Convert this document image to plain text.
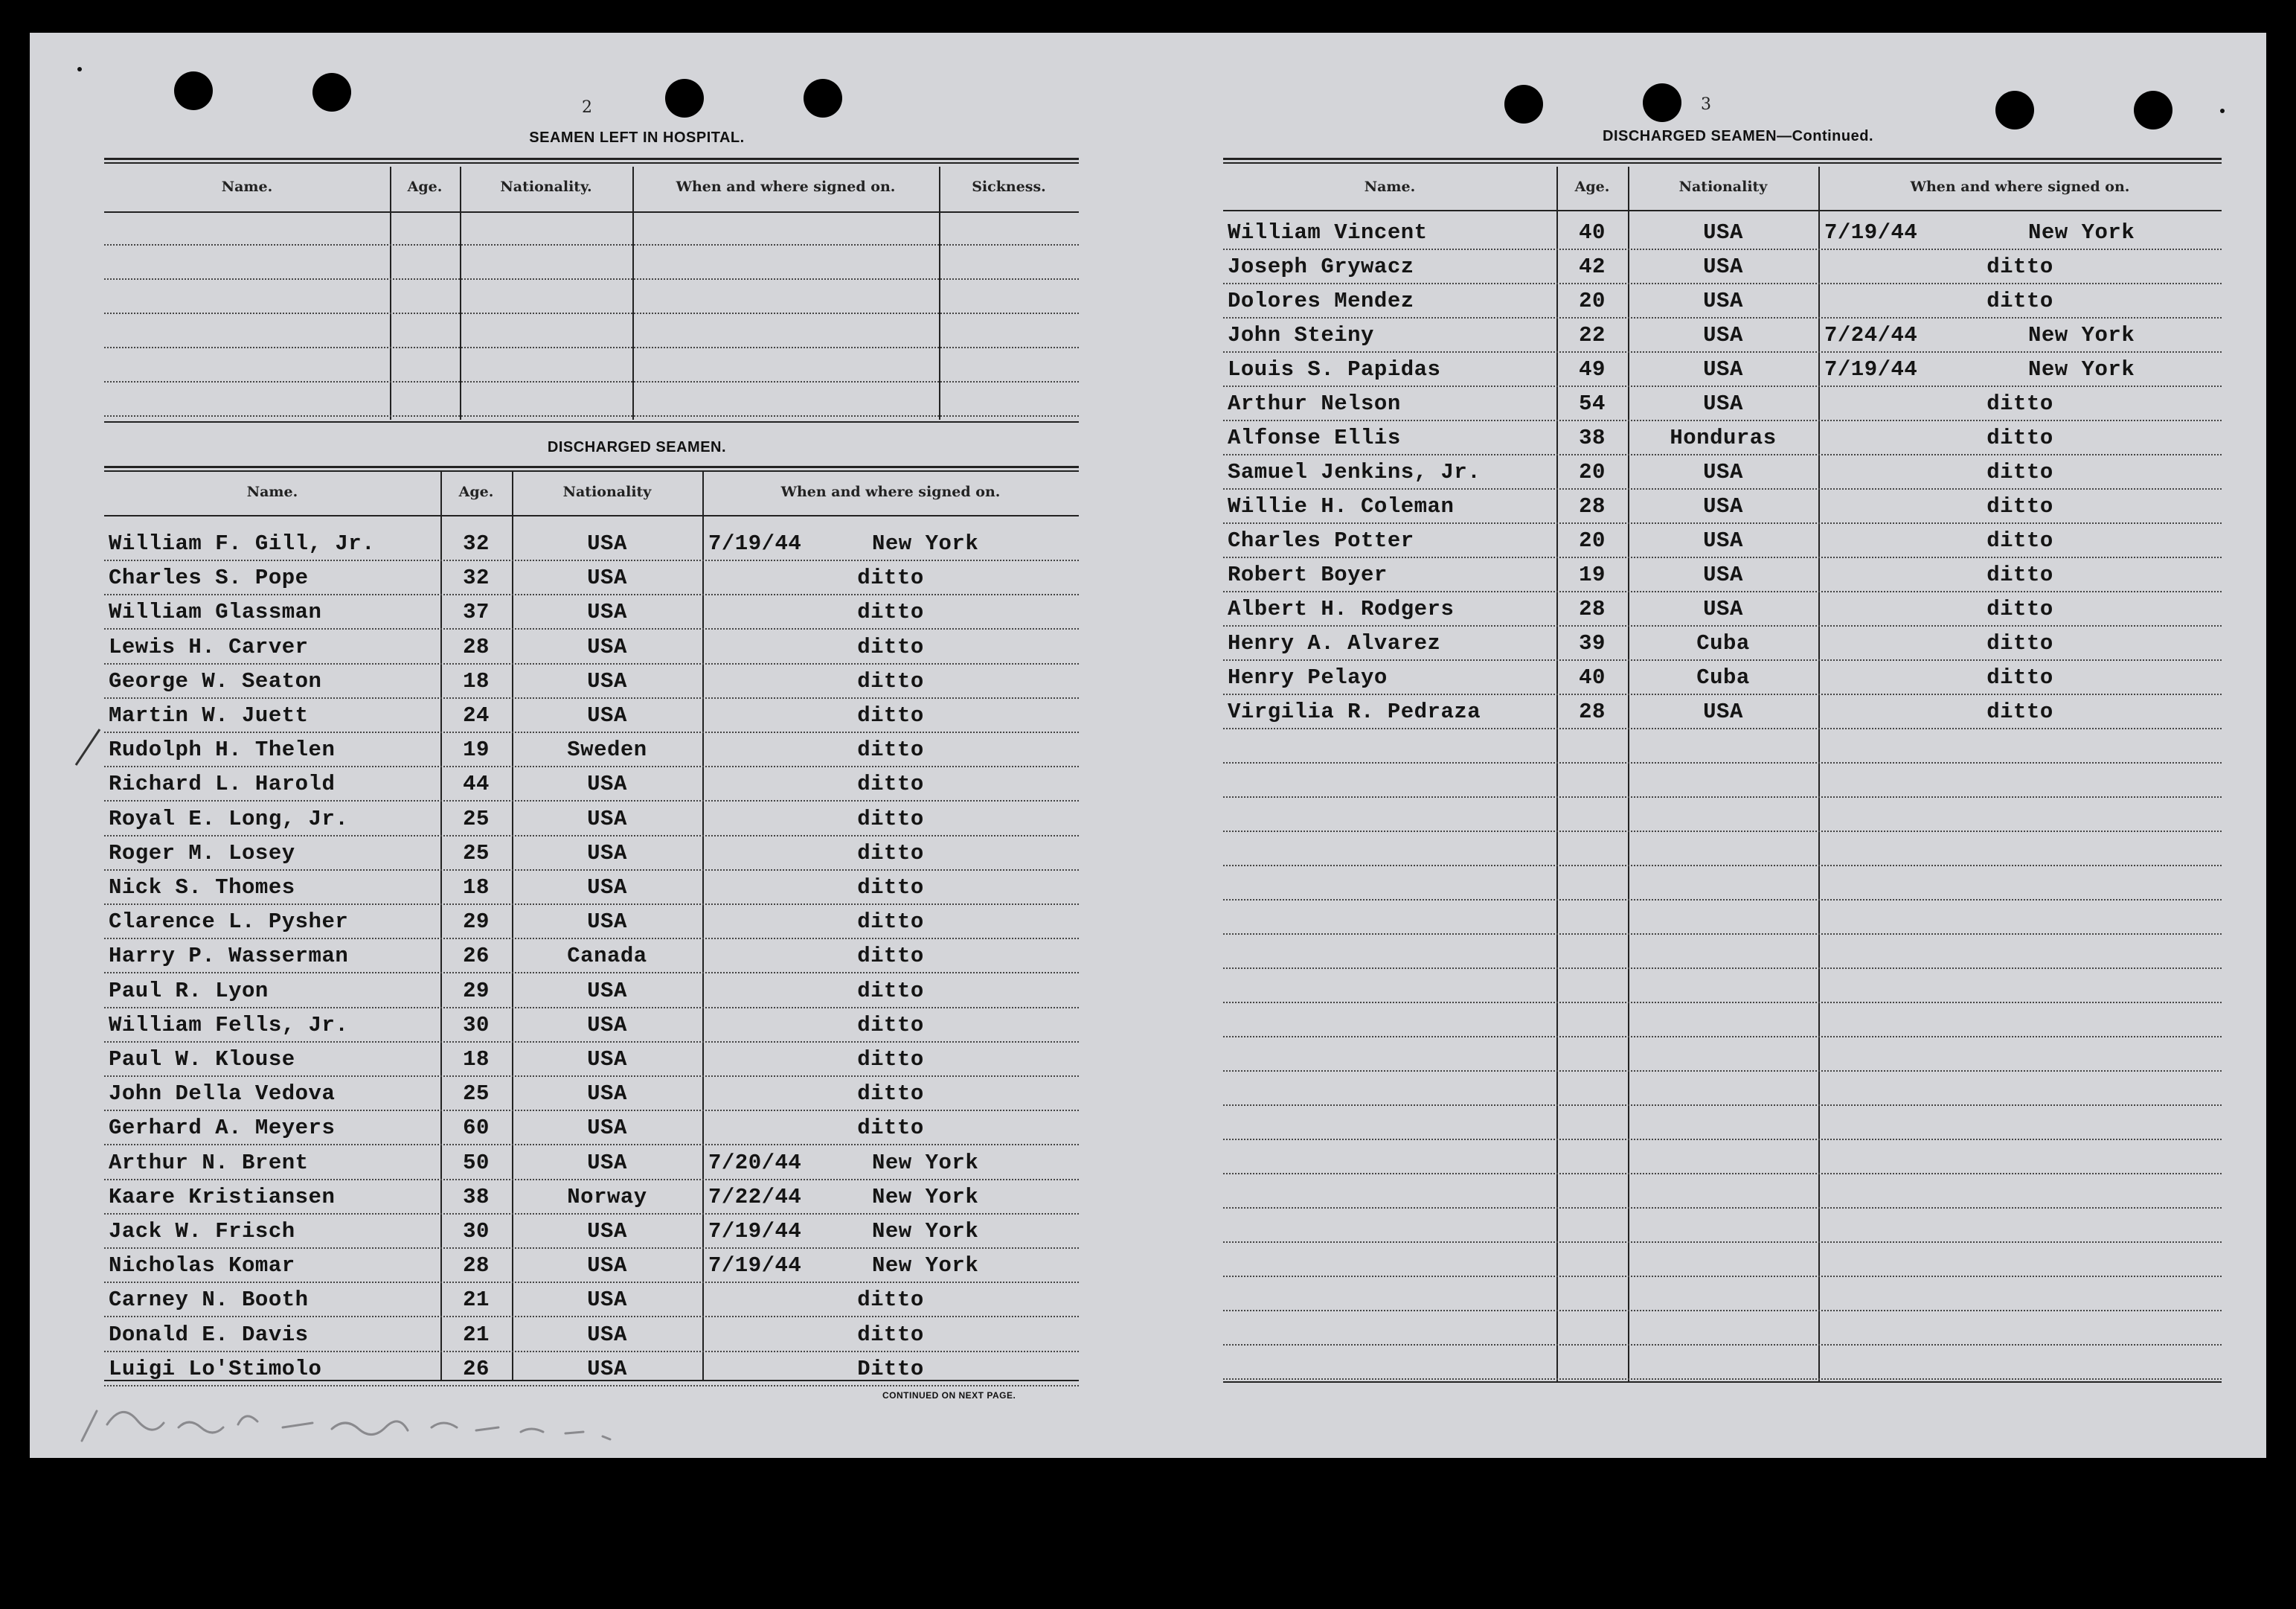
2
SEAMEN LEFT IN HOSPITAL.
Name.	Age.	Nationality.	When and where signed on.	Sickness.
DISCHARGED SEAMEN.
Name.	Age.	Nationality	When and where signed on.
William F. Gill, Jr.	32	USA	7/19/44	New York
Charles S. Pope	32	USA	ditto
William Glassman	37	USA	ditto
Lewis H. Carver	28	USA	ditto
George W. Seaton	18	USA	ditto
Martin W. Juett	24	USA	ditto
Rudolph H. Thelen	19	Sweden	ditto
Richard L. Harold	44	USA	ditto
Royal E. Long, Jr.	25	USA	ditto
Roger M. Losey	25	USA	ditto
Nick S. Thomes	18	USA	ditto
Clarence L. Pysher	29	USA	ditto
Harry P. Wasserman	26	Canada	ditto
Paul R. Lyon	29	USA	ditto
William Fells, Jr.	30	USA	ditto
Paul W. Klouse	18	USA	ditto
John Della Vedova	25	USA	ditto
Gerhard A. Meyers	60	USA	ditto
Arthur N. Brent	50	USA	7/20/44	New York
Kaare Kristiansen	38	Norway	7/22/44	New York
Jack W. Frisch	30	USA	7/19/44	New York
Nicholas Komar	28	USA	7/19/44	New York
Carney N. Booth	21	USA	ditto
Donald E. Davis	21	USA	ditto
Luigi Lo'Stimolo	26	USA	Ditto
CONTINUED ON NEXT PAGE.
3
DISCHARGED SEAMEN—Continued.
Name.	Age.	Nationality	When and where signed on.
William Vincent	40	USA	7/19/44	New York
Joseph Grywacz	42	USA	ditto
Dolores Mendez	20	USA	ditto
John Steiny	22	USA	7/24/44	New York
Louis S. Papidas	49	USA	7/19/44	New York
Arthur Nelson	54	USA	ditto
Alfonse Ellis	38	Honduras	ditto
Samuel Jenkins, Jr.	20	USA	ditto
Willie H. Coleman	28	USA	ditto
Charles Potter	20	USA	ditto
Robert Boyer	19	USA	ditto
Albert H. Rodgers	28	USA	ditto
Henry A. Alvarez	39	Cuba	ditto
Henry Pelayo	40	Cuba	ditto
Virgilia R. Pedraza	28	USA	ditto
